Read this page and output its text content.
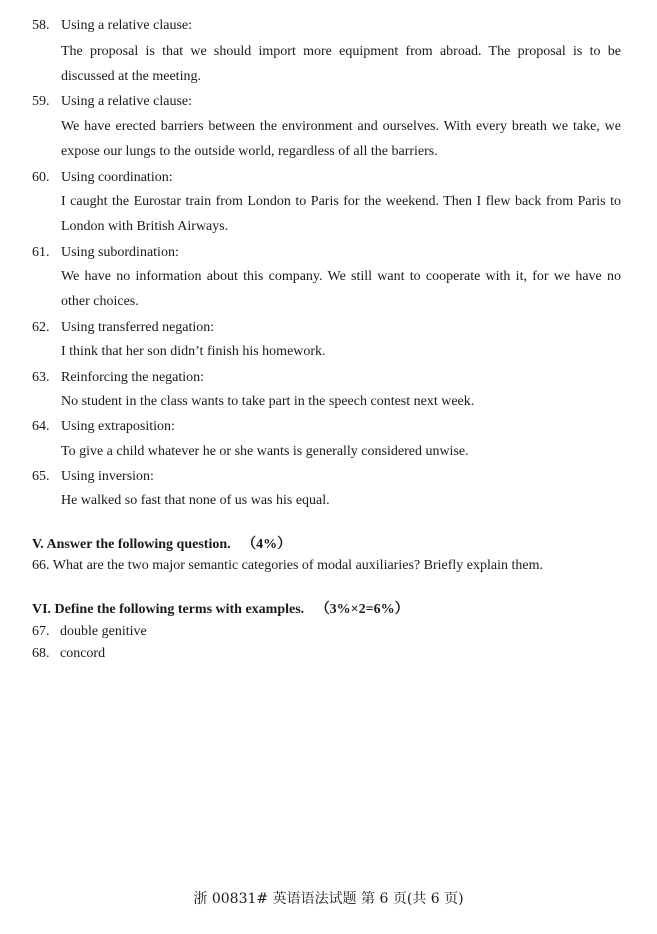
58. Using a relative clause:
The proposal is that we should import more equipment from abroad. The proposal is to be discussed at the meeting.
59. Using a relative clause:
We have erected barriers between the environment and ourselves. With every breath we take, we expose our lungs to the outside world, regardless of all the barriers.
60. Using coordination:
I caught the Eurostar train from London to Paris for the weekend. Then I flew back from Paris to London with British Airways.
61. Using subordination:
We have no information about this company. We still want to cooperate with it, for we have no other choices.
62. Using transferred negation:
I think that her son didn’t finish his homework.
63. Reinforcing the negation:
No student in the class wants to take part in the speech contest next week.
64. Using extraposition:
To give a child whatever he or she wants is generally considered unwise.
65. Using inversion:
He walked so fast that none of us was his equal.
V. Answer the following question. （4%）
66. What are the two major semantic categories of modal auxiliaries? Briefly explain them.
VI. Define the following terms with examples. （3%×2=6%）
67. double genitive
68. concord
浙 00831# 英语语法试题 第 6 页(共 6 页)
